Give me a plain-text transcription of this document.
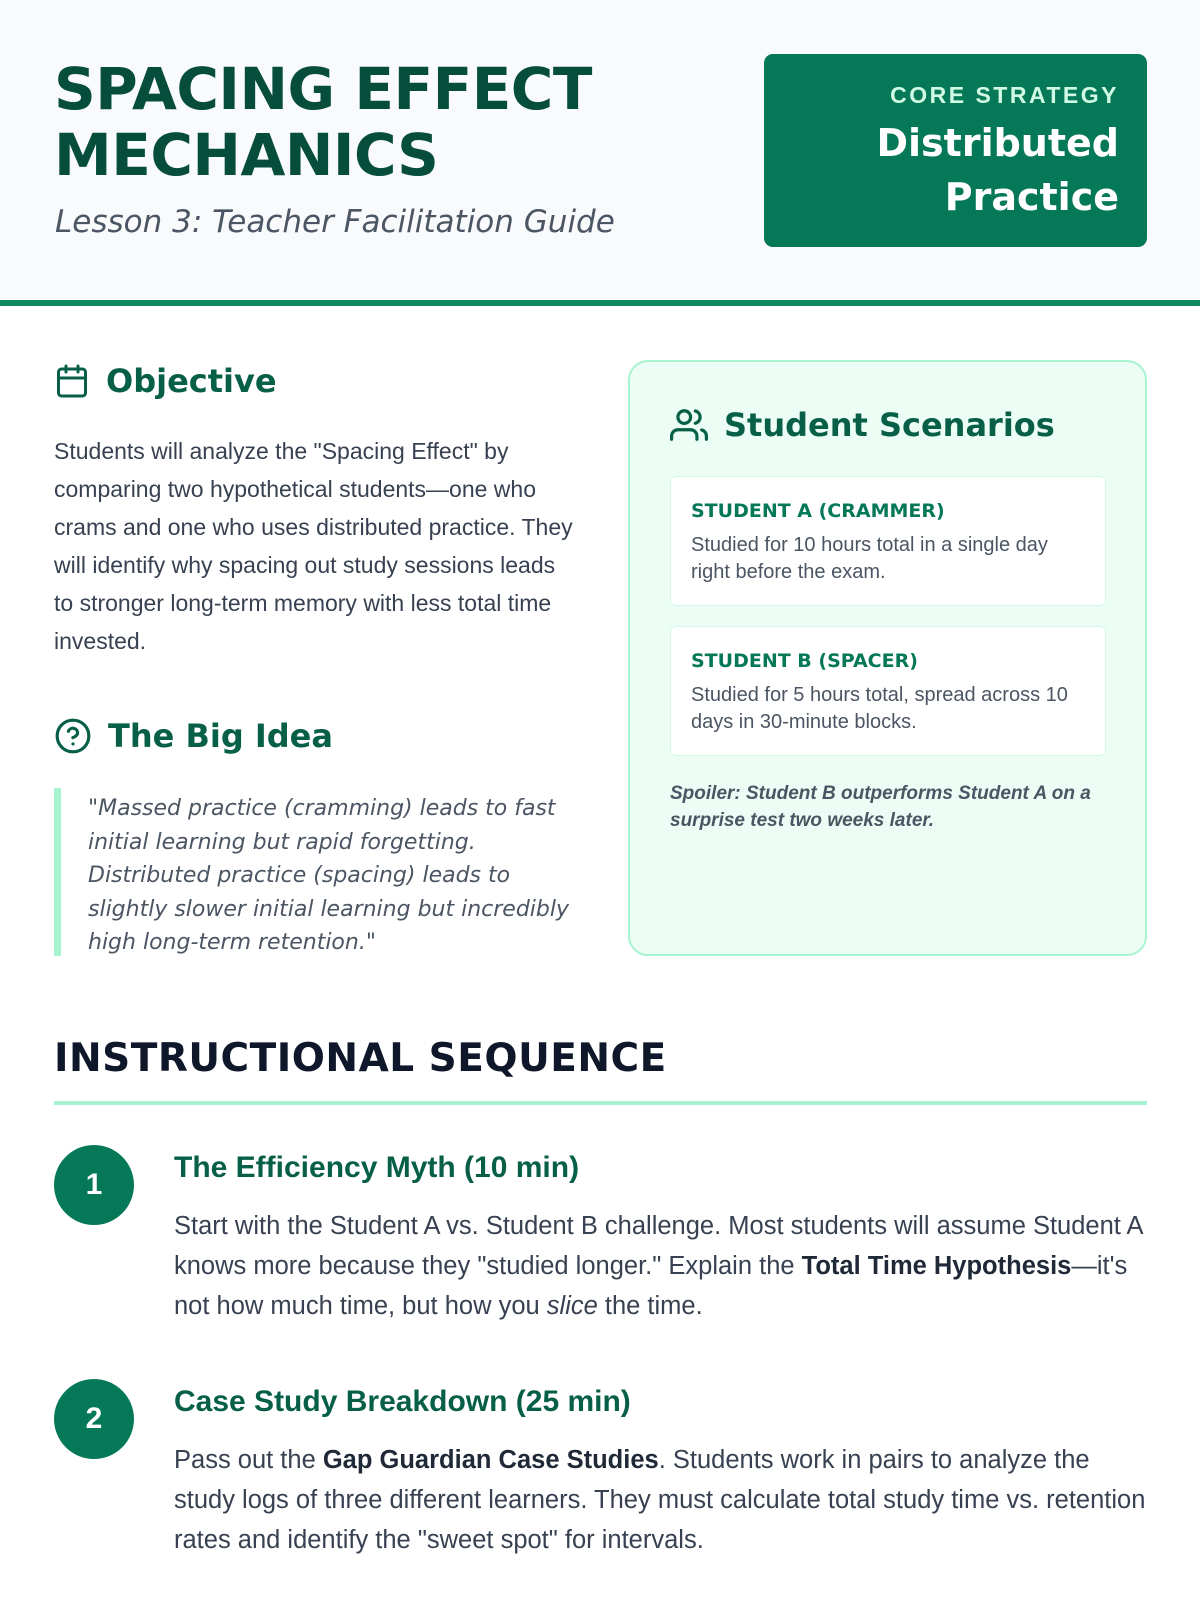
SPACING EFFECT
MECHANICS
Lesson 3: Teacher Facilitation Guide
CORE STRATEGY
Distributed
Practice
Objective

Students will analyze the "Spacing Effect" by comparing two hypothetical students—one who crams and one who uses distributed practice. They will identify why spacing out study sessions leads to stronger long-term memory with less total time invested.

The Big Idea
"Massed practice (cramming) leads to fast initial learning but rapid forgetting. Distributed practice (spacing) leads to slightly slower initial learning but incredibly high long-term retention."
Student Scenarios
STUDENT A (CRAMMER)
Studied for 10 hours total in a single day right before the exam.
STUDENT B (SPACER)
Studied for 5 hours total, spread across 10 days in 30-minute blocks.
Spoiler: Student B outperforms Student A on a surprise test two weeks later.
INSTRUCTIONAL SEQUENCE
1
The Efficiency Myth (10 min)

Start with the Student A vs. Student B challenge. Most students will assume Student A knows more because they "studied longer." Explain the Total Time Hypothesis—it's not how much time, but how you slice the time.

2
Case Study Breakdown (25 min)

Pass out the Gap Guardian Case Studies. Students work in pairs to analyze the study logs of three different learners. They must calculate total study time vs. retention rates and identify the "sweet spot" for intervals.
